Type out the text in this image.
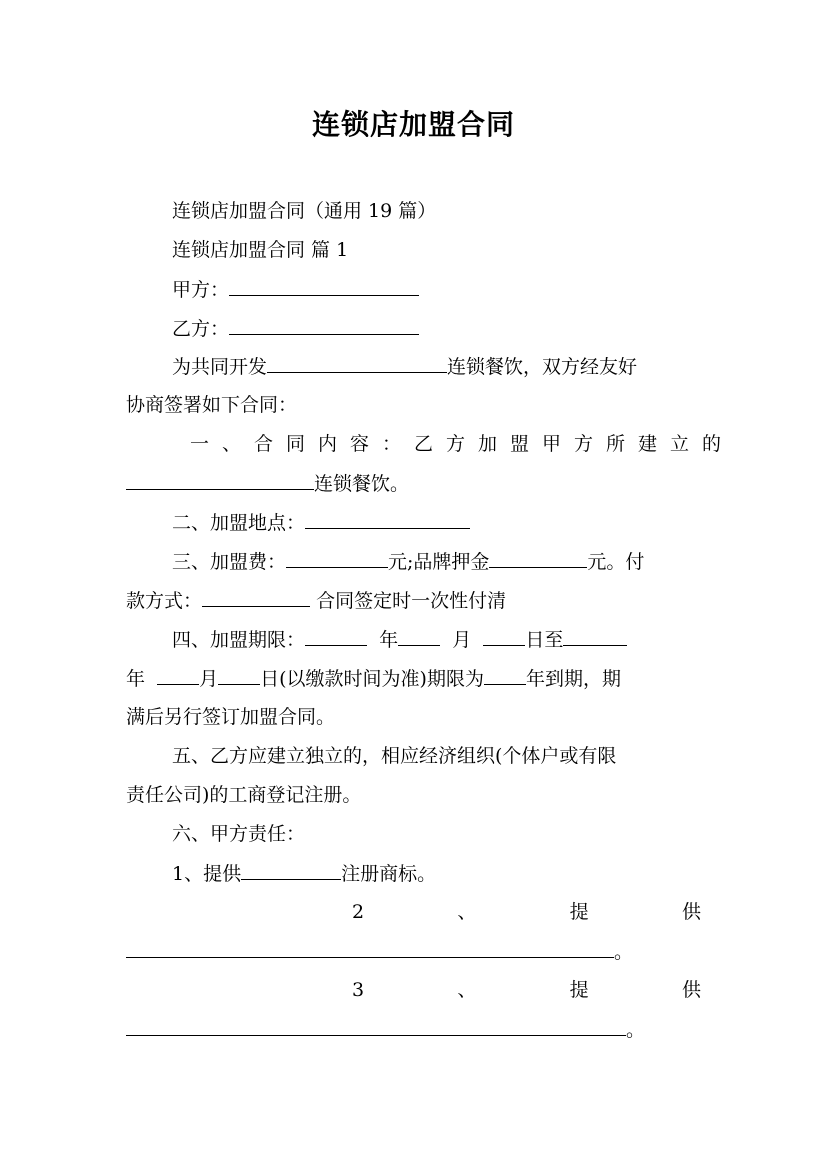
连锁店加盟合同
连锁店加盟合同（通用 19 篇）
连锁店加盟合同 篇 1
甲方：
乙方：
为共同开发	连锁餐饮，双方经友好
协商签署如下合同：
一、合同内容：乙方加盟甲方所建立的
连锁餐饮。
二、加盟地点：
三、加盟费：	元;品牌押金	元。付
款方式：	合同签定时一次性付清
四、加盟期限：	年	月	日至
年	月 日(以缴款时间为准)期限为 年到期，期
满后另行签订加盟合同。
五、乙方应建立独立的，相应经济组织(个体户或有限
责任公司)的工商登记注册。
六、甲方责任：
1、提供	注册商标。
2	、	提	供
。
3	、	提	供
。
